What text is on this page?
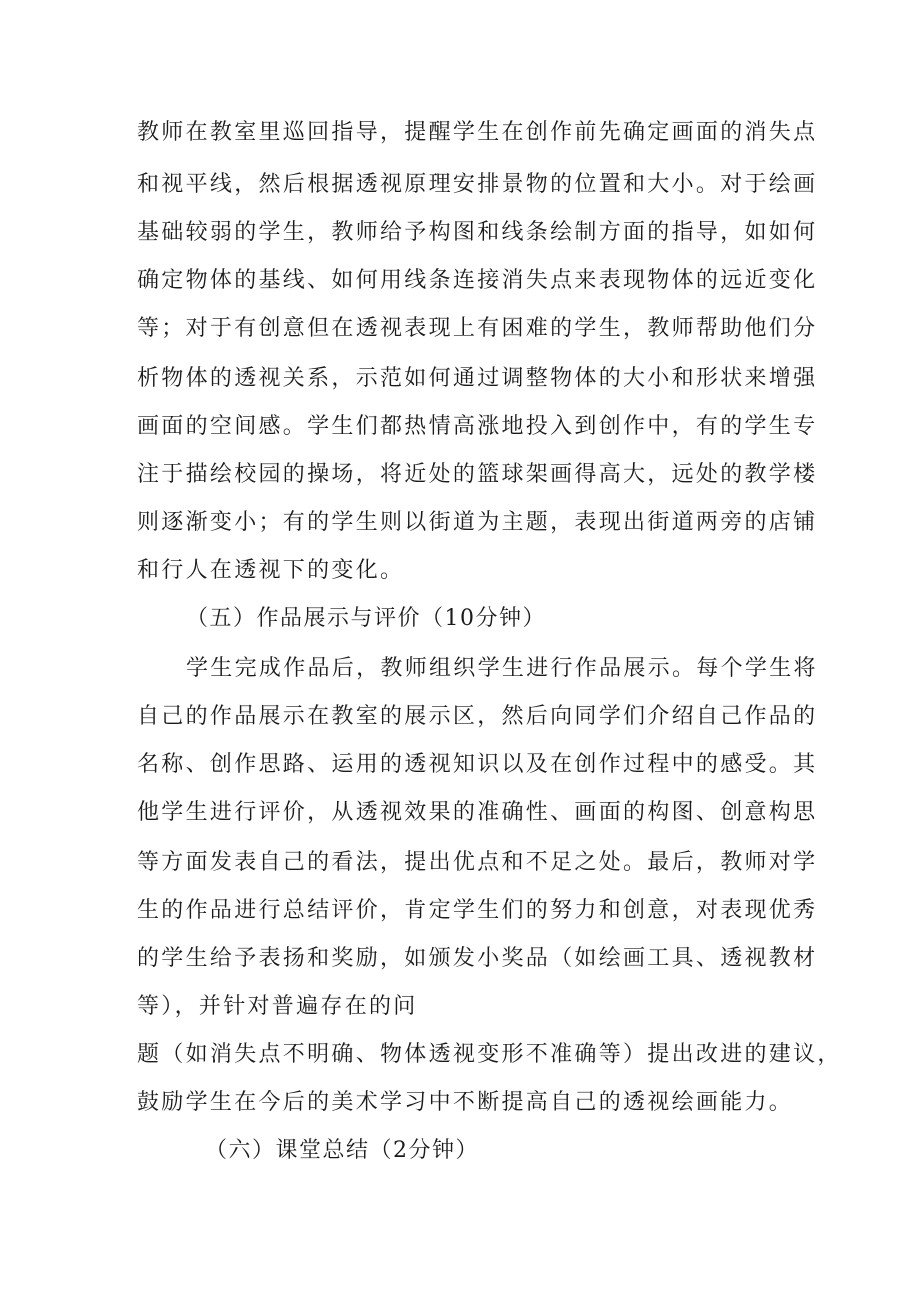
教师在教室里巡回指导，提醒学生在创作前先确定画面的消失点
和视平线，然后根据透视原理安排景物的位置和大小。对于绘画
基础较弱的学生，教师给予构图和线条绘制方面的指导，如如何
确定物体的基线、如何用线条连接消失点来表现物体的远近变化
等；对于有创意但在透视表现上有困难的学生，教师帮助他们分
析物体的透视关系，示范如何通过调整物体的大小和形状来增强
画面的空间感。学生们都热情高涨地投入到创作中，有的学生专
注于描绘校园的操场，将近处的篮球架画得高大，远处的教学楼
则逐渐变小；有的学生则以街道为主题，表现出街道两旁的店铺
和行人在透视下的变化。
（五）作品展示与评价（10分钟）
学生完成作品后，教师组织学生进行作品展示。每个学生将
自己的作品展示在教室的展示区，然后向同学们介绍自己作品的
名称、创作思路、运用的透视知识以及在创作过程中的感受。其
他学生进行评价，从透视效果的准确性、画面的构图、创意构思
等方面发表自己的看法，提出优点和不足之处。最后，教师对学
生的作品进行总结评价，肯定学生们的努力和创意，对表现优秀
的学生给予表扬和奖励，如颁发小奖品（如绘画工具、透视教材
等），并针对普遍存在的问
题（如消失点不明确、物体透视变形不准确等）提出改进的建议，
鼓励学生在今后的美术学习中不断提高自己的透视绘画能力。
（六）课堂总结（2分钟）
